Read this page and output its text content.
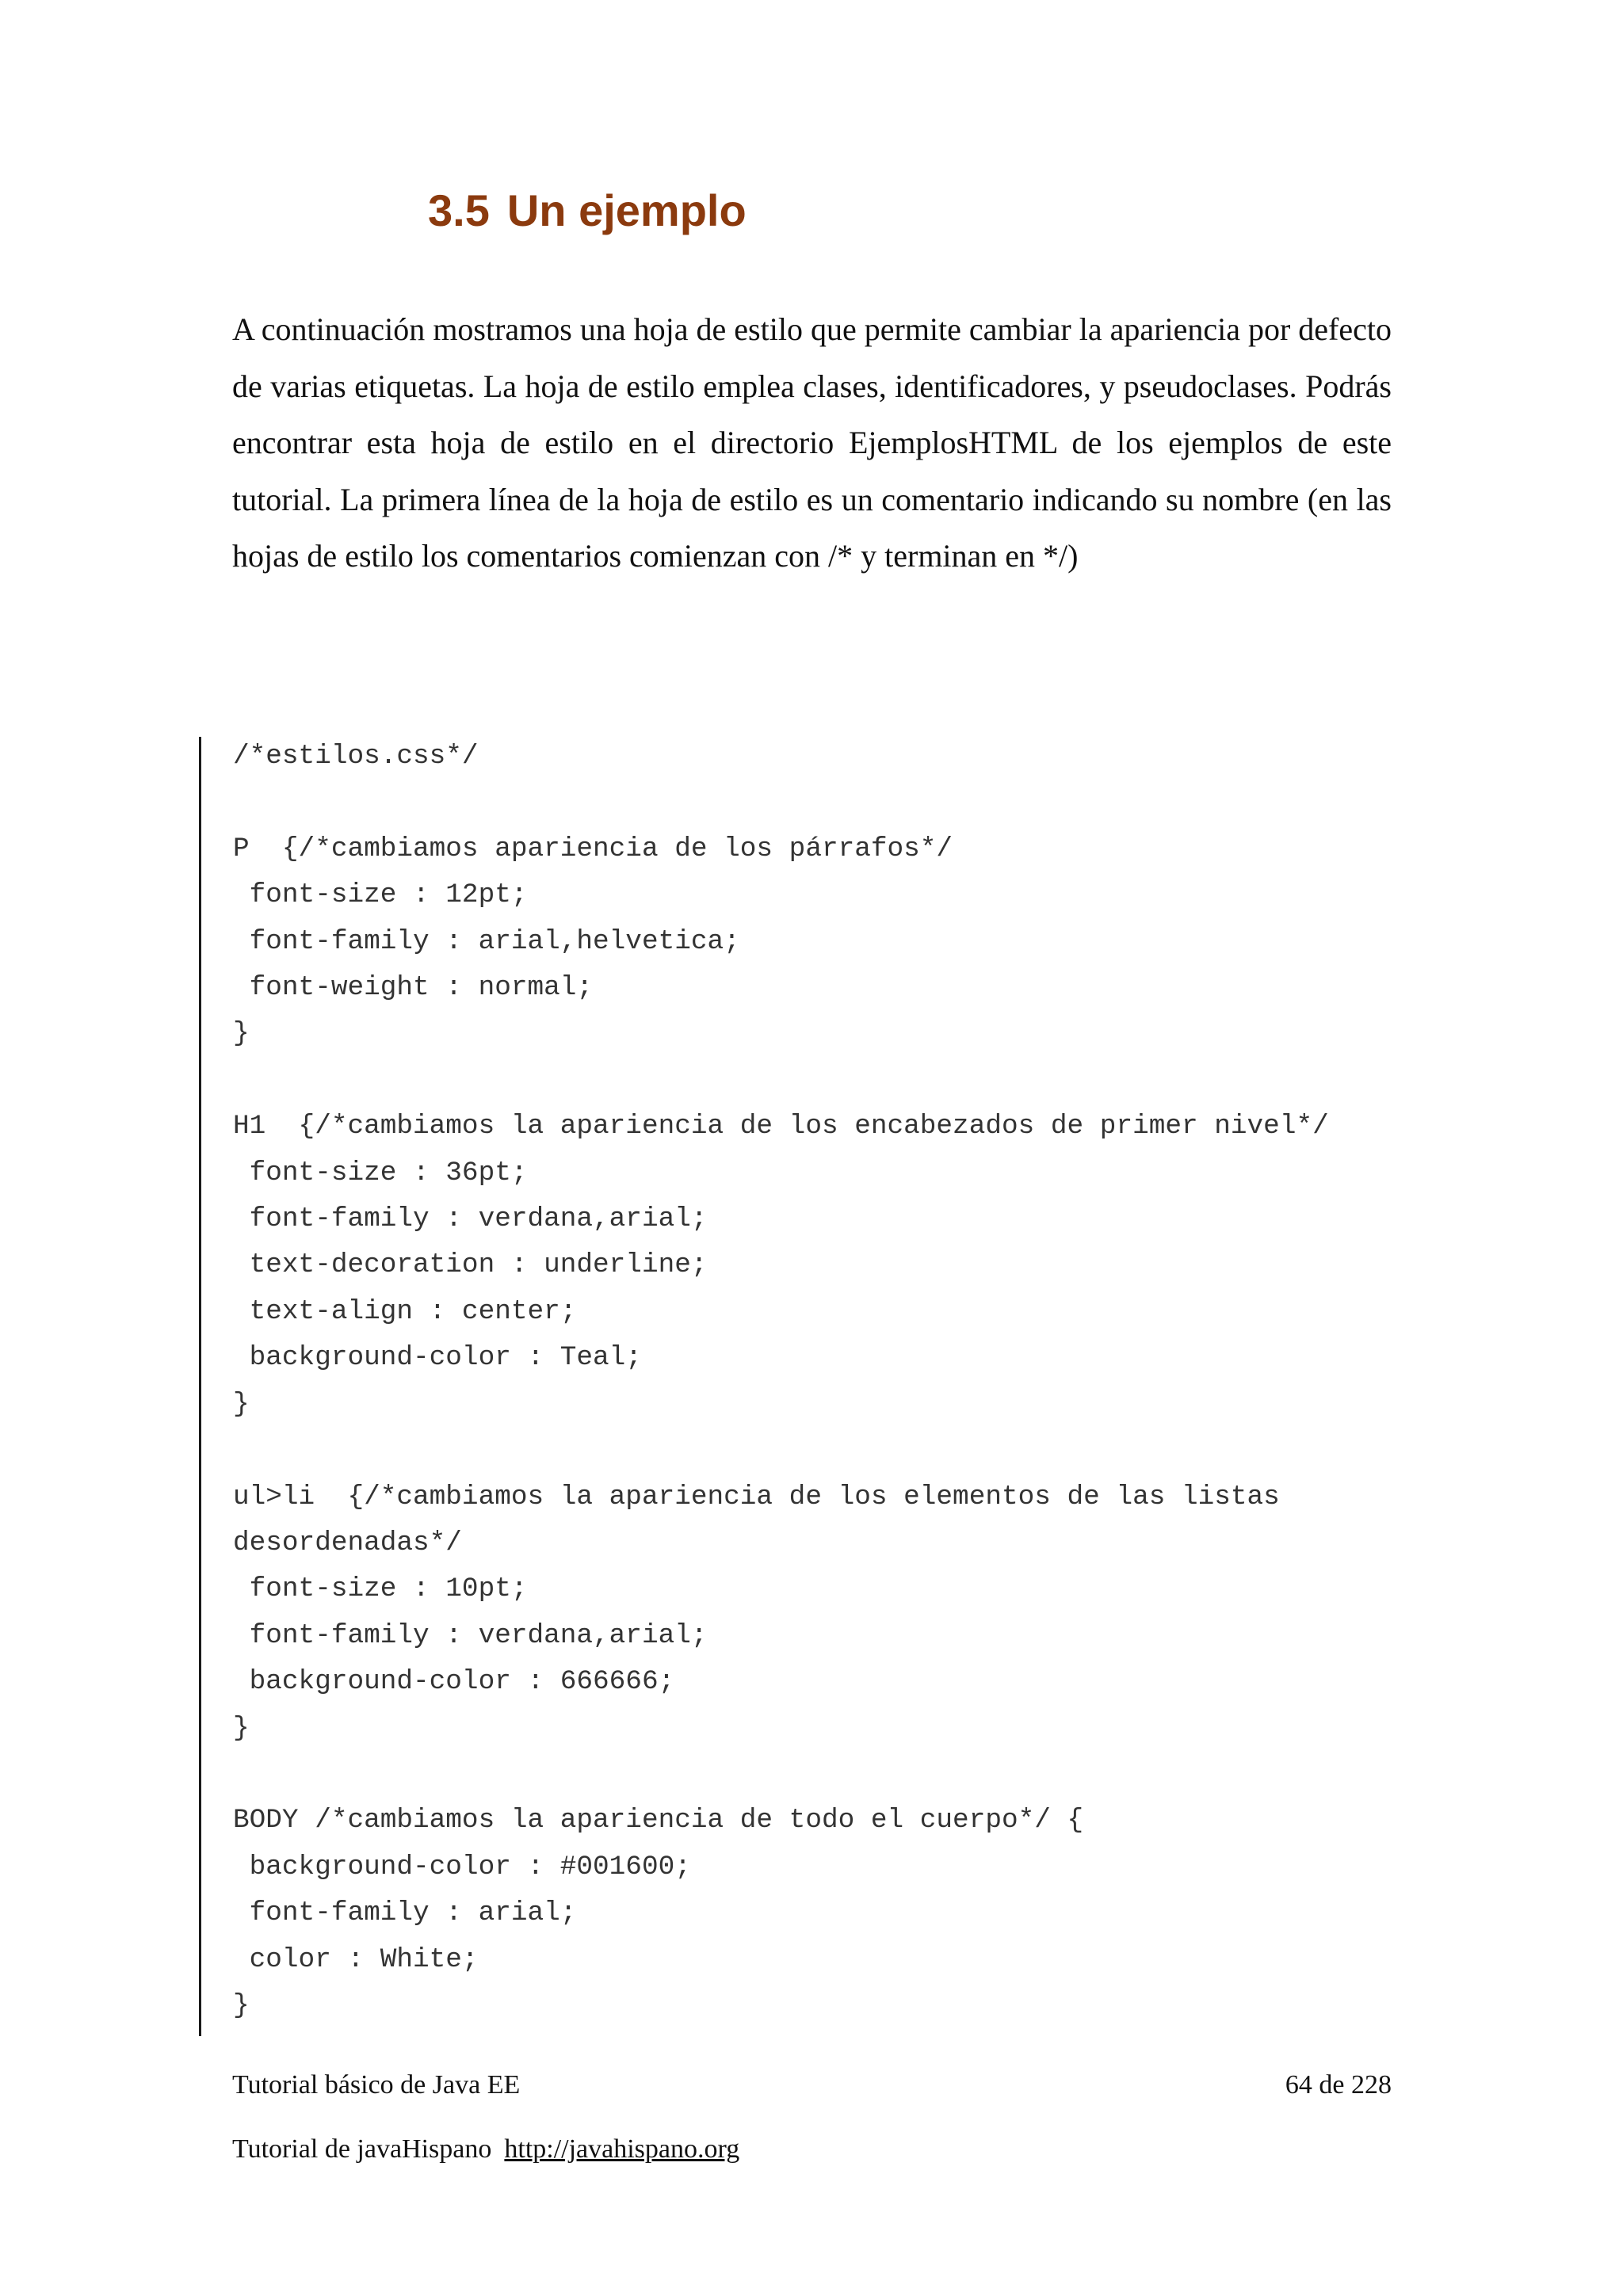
3.5 Un ejemplo

A continuación mostramos una hoja de estilo que permite cambiar la apariencia por defecto de varias etiquetas. La hoja de estilo emplea clases, identificadores, y pseudoclases. Podrás encontrar esta hoja de estilo en el directorio EjemplosHTML de los ejemplos de este tutorial. La primera línea de la hoja de estilo es un comentario indicando su nombre (en las hojas de estilo los comentarios comienzan con /* y terminan en */)

/*estilos.css*/

P  {/*cambiamos apariencia de los párrafos*/
font-size : 12pt;
font-family : arial,helvetica;
font-weight : normal;
}

H1  {/*cambiamos la apariencia de los encabezados de primer nivel*/
font-size : 36pt;
font-family : verdana,arial;
text-decoration : underline;
text-align : center;
background-color : Teal;
}

ul>li  {/*cambiamos la apariencia de los elementos de las listas
desordenadas*/
font-size : 10pt;
font-family : verdana,arial;
background-color : 666666;
}

BODY /*cambiamos la apariencia de todo el cuerpo*/ {
background-color : #001600;
font-family : arial;
color : White;
}
Tutorial básico de Java EE	64 de 228
Tutorial de javaHispano http://javahispano.org
